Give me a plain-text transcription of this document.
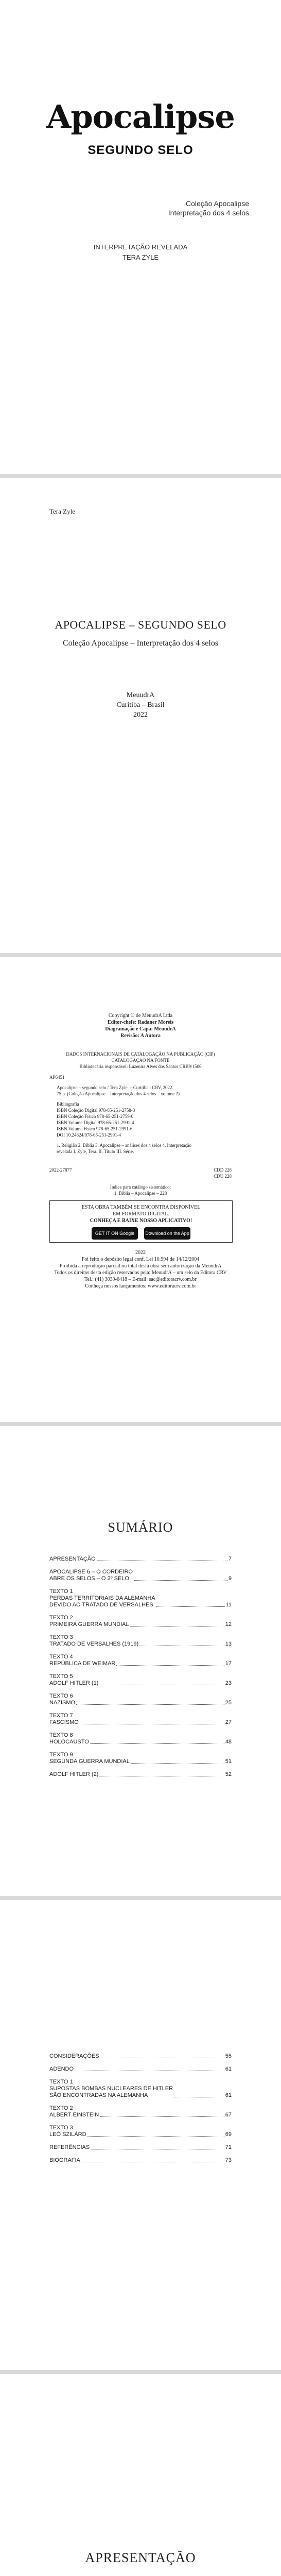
Apocalipse
SEGUNDO SELO
Coleção Apocalipse
Interpretação dos 4 selos
INTERPRETAÇÃO REVELADA
TERA ZYLE
Tera Zyle
APOCALIPSE – SEGUNDO SELO
Coleção Apocalipse – Interpretação dos 4 selos
MeuudrA
Curitiba – Brasil
2022
Copyright © de MeuudrA Ltda
Editor-chefe: Radaner Moreis
Diagramação e Capa: MeuudrA
Revisão: A Autora
DADOS INTERNACIONAIS DE CATALOGAÇÃO NA PUBLICAÇÃO (CIP)
CATALOGAÇÃO NA FONTE
Bibliotecária responsável: Luzenira Alves dos Santos CRB9/1506
AP6451
Apocalipse – segundo selo / Tera Zyle. – Curitiba : CRV, 2022.
75 p. (Coleção Apocalipse – Interpretação dos 4 selos – volume 2).
Bibliografia
ISBN Coleção Digital 978-65-251-2758-3
ISBN Coleção Físico 978-65-251-2759-0
ISBN Volume Digital 978-65-251-2991-4
ISBN Volume Físico 978-65-251-2991-6
DOI 10.24824/978-65-251-2991-4
1. Religião 2. Bíblia 3. Apocalipse – análises dos 4 selos 4. Interpretação
revelada I. Zyle, Tera. II. Título III. Série.
2022-27877	CDD 228
CDU 228
Índice para catálogo sistemático:
1. Bíblia – Apocalipse – 228
ESTA OBRA TAMBÉM SE ENCONTRA DISPONÍVEL
EM FORMATO DIGITAL.
CONHEÇA E BAIXE NOSSO APLICATIVO!
GET IT ON Google Play Download on the App Store
2022
Foi feito o depósito legal conf. Lei 10.994 de 14/12/2004
Proibida a reprodução parcial ou total desta obra sem autorização da MeuudrA
Todos os direitos desta edição reservados pela: MeuudrA – um selo da Editora CRV
Tel.: (41) 3039-6418 – E-mail: sac@editoracrv.com.br
Conheça nossos lançamentos: www.editoracrv.com.br
SUMÁRIO
APRESENTAÇÃO	7
APOCALIPSE 6 – O CORDEIRO
ABRE OS SELOS – O 2º SELO	9
TEXTO 1
PERDAS TERRITORIAIS DA ALEMANHA
DEVIDO AO TRATADO DE VERSALHES	11
TEXTO 2
PRIMEIRA GUERRA MUNDIAL	12
TEXTO 3
TRATADO DE VERSALHES (1919)	13
TEXTO 4
REPÚBLICA DE WEIMAR	17
TEXTO 5
ADOLF HITLER (1)	23
TEXTO 6
NAZISMO	25
TEXTO 7
FASCISMO	27
TEXTO 8
HOLOCAUSTO	48
TEXTO 9
SEGUNDA GUERRA MUNDIAL	51
ADOLF HITLER (2)	52
CONSIDERAÇÕES	55
ADENDO	61
TEXTO 1
SUPOSTAS BOMBAS NUCLEARES DE HITLER
SÃO ENCONTRADAS NA ALEMANHA	61
TEXTO 2
ALBERT EINSTEIN	67
TEXTO 3
LEÓ SZILÁRD	69
REFERÊNCIAS	71
BIOGRAFIA	73
APRESENTAÇÃO
